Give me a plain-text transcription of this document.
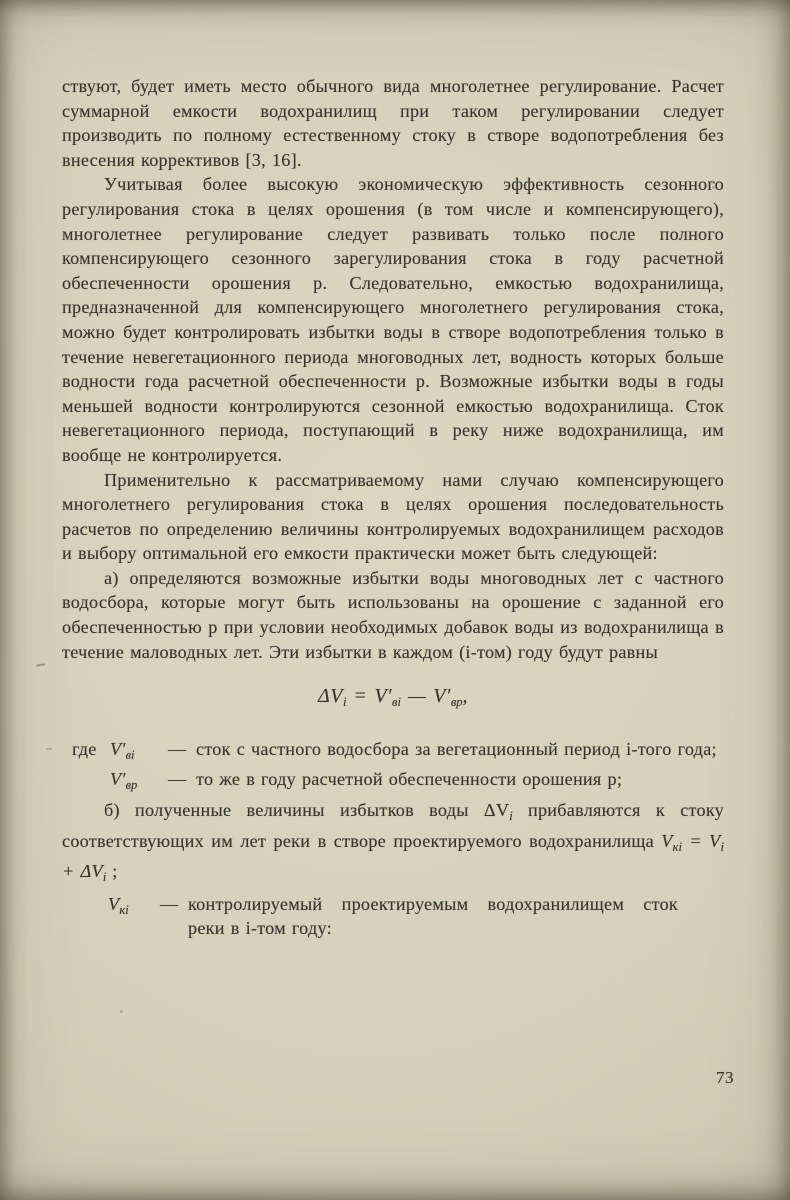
ствуют, будет иметь место обычного вида многолетнее регулирование. Расчет суммарной емкости водохранилищ при таком регулировании следует производить по полному естественному стоку в створе водопотребления без внесения коррективов [3, 16].

Учитывая более высокую экономическую эффективность сезонного регулирования стока в целях орошения (в том числе и компенсирующего), многолетнее регулирование следует развивать только после полного компенсирующего сезонного зарегулирования стока в году расчетной обеспеченности орошения р. Следовательно, емкостью водохранилища, предназначенной для компенсирующего многолетнего регулирования стока, можно будет контролировать избытки воды в створе водопотребления только в течение невегетационного периода многоводных лет, водность которых больше водности года расчетной обеспеченности р. Возможные избытки воды в годы меньшей водности контролируются сезонной емкостью водохранилища. Сток невегетационного периода, поступающий в реку ниже водохранилища, им вообще не контролируется.

Применительно к рассматриваемому нами случаю компенсирующего многолетнего регулирования стока в целях орошения последовательность расчетов по определению величины контролируемых водохранилищем расходов и выбору оптимальной его емкости практически может быть следующей:

а) определяются возможные избытки воды многоводных лет с частного водосбора, которые могут быть использованы на орошение с заданной его обеспеченностью р при условии необходимых добавок воды из водохранилища в течение маловодных лет. Эти избытки в каждом (i-том) году будут равны

$\Delta V_i = V'_{вi}$ — $V'_{вр}$,
где $V'_{вi}$	— сток с частного водосбора за вегетационный период i-того года;
$V'_{вр}$	— то же в году расчетной обеспеченности орошения р;

б) полученные величины избытков воды $\Delta V_i$ прибавляются к стоку соответствующих им лет реки в створе проектируемого водохранилища $V_{кi} = V_i + \Delta V_i$ ;

$V_{кi}$	— контролируемый проектируемым водохранилищем сток реки в i-том году:
73
